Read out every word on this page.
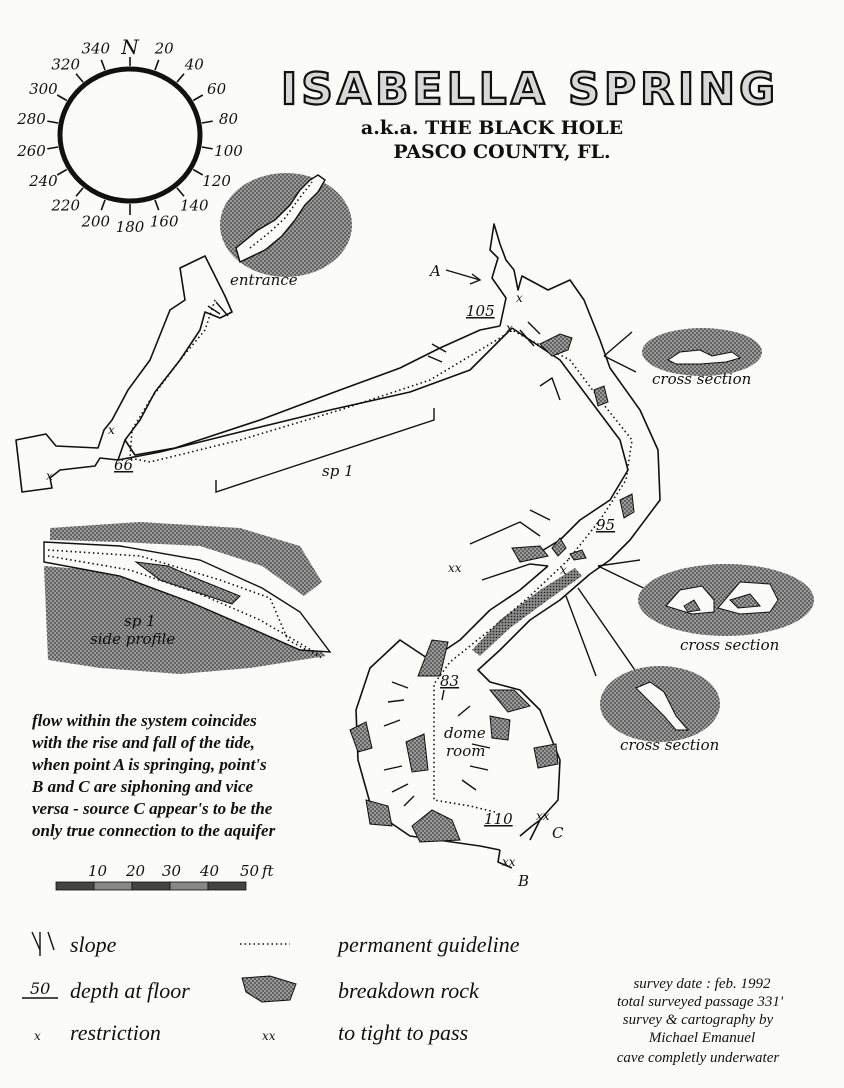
ISABELLA SPRING
a.k.a. THE BLACK HOLE
PASCO COUNTY, FL.
N 20
40
60
80
100
120
140
160
180
200
220
240
260
280
300
320
340
entrance	A
B
C
sp 1
dome
room
105
66
95
83
110
x
x
x
x
x
xx
xx
xx
cross section
cross section
cross section
sp 1
side profile
flow within the system coincides
with the rise and fall of the tide,
when point A is springing, point's
B and C are siphoning and vice
versa - source C appear's to be the
only true connection to the aquifer
10 20 30 40 50 ft
slope
50 depth at floor
x restriction
permanent guideline
breakdown rock
xx	to tight to pass
survey date : feb. 1992
total surveyed passage 331'
survey & cartography by
Michael Emanuel
cave completly underwater
